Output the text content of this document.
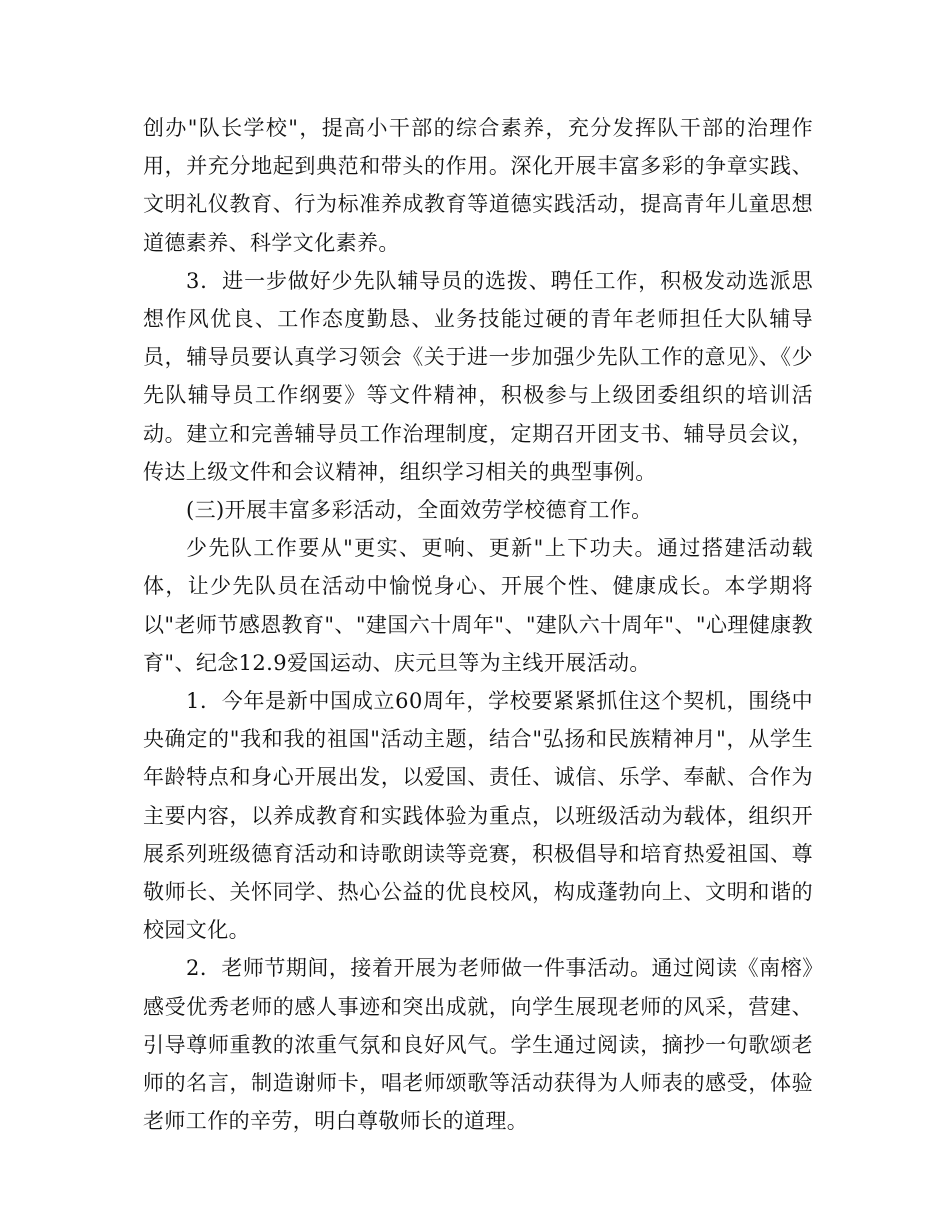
创办"队长学校"，提高小干部的综合素养，充分发挥队干部的治理作用，并充分地起到典范和带头的作用。深化开展丰富多彩的争章实践、文明礼仪教育、行为标准养成教育等道德实践活动，提高青年儿童思想道德素养、科学文化素养。

3．进一步做好少先队辅导员的选拨、聘任工作，积极发动选派思想作风优良、工作态度勤恳、业务技能过硬的青年老师担任大队辅导员，辅导员要认真学习领会《关于进一步加强少先队工作的意见》、《少先队辅导员工作纲要》等文件精神，积极参与上级团委组织的培训活动。建立和完善辅导员工作治理制度，定期召开团支书、辅导员会议，传达上级文件和会议精神，组织学习相关的典型事例。

(三)开展丰富多彩活动，全面效劳学校德育工作。

少先队工作要从"更实、更响、更新"上下功夫。通过搭建活动载体，让少先队员在活动中愉悦身心、开展个性、健康成长。本学期将以"老师节感恩教育"、"建国六十周年"、"建队六十周年"、"心理健康教育"、纪念12.9爱国运动、庆元旦等为主线开展活动。

1．今年是新中国成立60周年，学校要紧紧抓住这个契机，围绕中央确定的"我和我的祖国"活动主题，结合"弘扬和民族精神月"，从学生年龄特点和身心开展出发，以爱国、责任、诚信、乐学、奉献、合作为主要内容，以养成教育和实践体验为重点，以班级活动为载体，组织开展系列班级德育活动和诗歌朗读等竞赛，积极倡导和培育热爱祖国、尊敬师长、关怀同学、热心公益的优良校风，构成蓬勃向上、文明和谐的校园文化。

2．老师节期间，接着开展为老师做一件事活动。通过阅读《南榕》感受优秀老师的感人事迹和突出成就，向学生展现老师的风采，营建、引导尊师重教的浓重气氛和良好风气。学生通过阅读，摘抄一句歌颂老师的名言，制造谢师卡，唱老师颂歌等活动获得为人师表的感受，体验老师工作的辛劳，明白尊敬师长的道理。
